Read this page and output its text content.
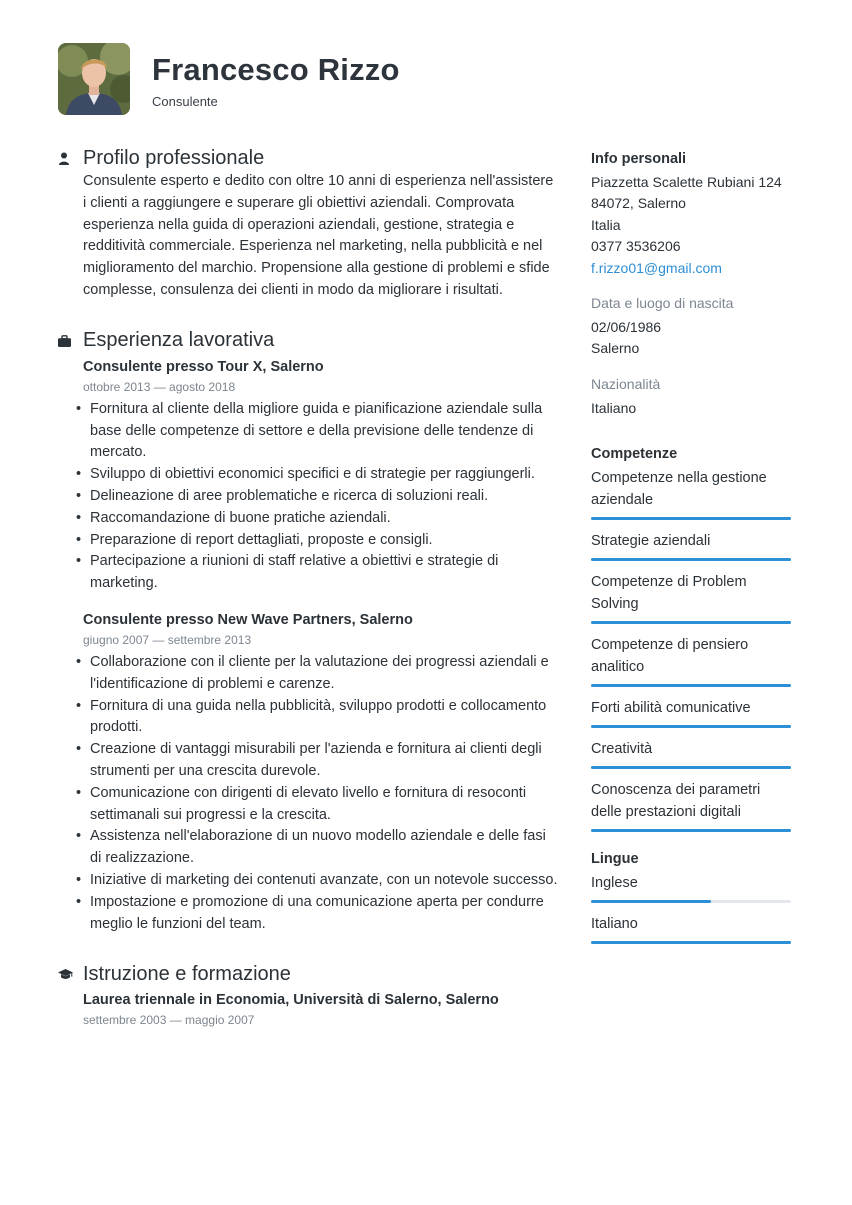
Francesco Rizzo
Consulente
Profilo professionale

Consulente esperto e dedito con oltre 10 anni di esperienza nell'assistere i clienti a raggiungere e superare gli obiettivi aziendali. Comprovata esperienza nella guida di operazioni aziendali, gestione, strategia e redditività commerciale. Esperienza nel marketing, nella pubblicità e nel miglioramento del marchio. Propensione alla gestione di problemi e sfide complesse, consulenza dei clienti in modo da migliorare i risultati.

Esperienza lavorativa
Consulente presso Tour X, Salerno
ottobre 2013 — agosto 2018
• Fornitura al cliente della migliore guida e pianificazione aziendale sulla base delle competenze di settore e della previsione delle tendenze di mercato.
• Sviluppo di obiettivi economici specifici e di strategie per raggiungerli.
• Delineazione di aree problematiche e ricerca di soluzioni reali.
• Raccomandazione di buone pratiche aziendali.
• Preparazione di report dettagliati, proposte e consigli.
• Partecipazione a riunioni di staff relative a obiettivi e strategie di marketing.
Consulente presso New Wave Partners, Salerno
giugno 2007 — settembre 2013
• Collaborazione con il cliente per la valutazione dei progressi aziendali e l'identificazione di problemi e carenze.
• Fornitura di una guida nella pubblicità, sviluppo prodotti e collocamento prodotti.
• Creazione di vantaggi misurabili per l'azienda e fornitura ai clienti degli strumenti per una crescita durevole.
• Comunicazione con dirigenti di elevato livello e fornitura di resoconti settimanali sui progressi e la crescita.
• Assistenza nell'elaborazione di un nuovo modello aziendale e delle fasi di realizzazione.
• Iniziative di marketing dei contenuti avanzate, con un notevole successo.
• Impostazione e promozione di una comunicazione aperta per condurre meglio le funzioni del team.
Istruzione e formazione
Laurea triennale in Economia, Università di Salerno, Salerno
settembre 2003 — maggio 2007
Info personali
Piazzetta Scalette Rubiani 124
84072, Salerno
Italia
0377 3536206
f.rizzo01@gmail.com
Data e luogo di nascita
02/06/1986
Salerno
Nazionalità
Italiano
Competenze
Competenze nella gestione aziendale
Strategie aziendali
Competenze di Problem Solving
Competenze di pensiero analitico
Forti abilità comunicative
Creatività
Conoscenza dei parametri delle prestazioni digitali
Lingue
Inglese
Italiano
